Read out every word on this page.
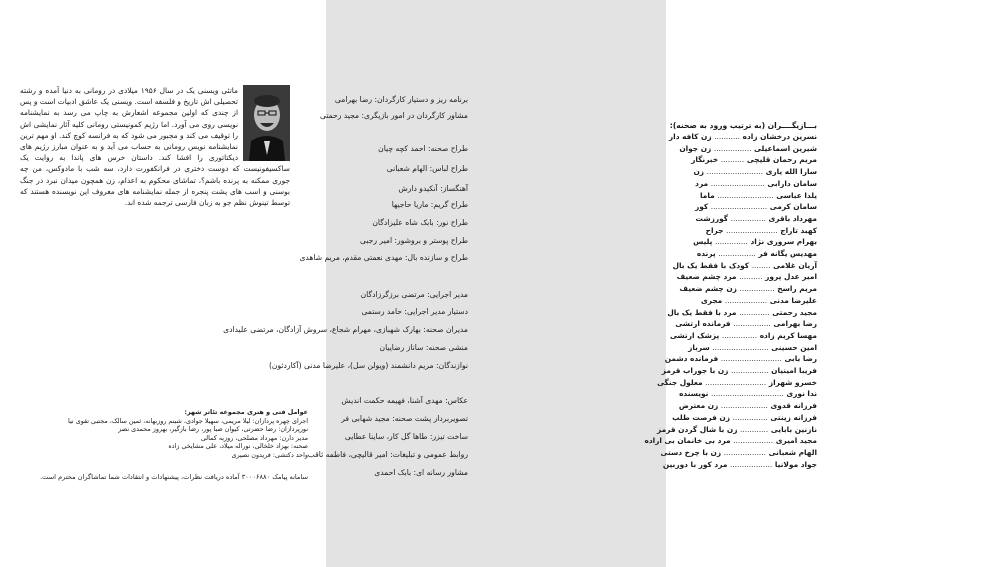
ماتئی ویسنی یک در سال ۱۹۵۶ میلادی در رومانی به دنیا آمده و رشته تحصیلی اش تاریخ و فلسفه است. ویسنی یک عاشق ادبیات است و پس از چندی که اولین مجموعه اشعارش به چاپ می رسد به نمایشنامه نویسی روی می آورد. اما رژیم کمونیستی رومانی کلیه آثار نمایشی اش را توقیف می کند و مجبور می شود که به فرانسه کوچ کند. او مهم ترین نمایشنامه نویس رومانی به حساب می آید و به عنوان مبارز رژیم های دیکتاتوری را افشا کند. داستان خرس های پاندا به روایت یک ساکسیفونیست که دوست دختری در فرانکفورت دارد، سه شب با مادوکس، من چه جوری ممکنه به پرنده باشم؟، تماشای محکوم به اعدام، زن همچون میدان نبرد در جنگ بوسنی و اسب های پشت پنجره از جمله نمایشنامه های معروف این نویسنده هستند که توسط تینوش نظم جو به زبان فارسی ترجمه شده اند.
عوامل فنی و هنری مجموعه تئاتر شهر:
اجرای چهره پردازان: لیلا مریمی، سهیلا جوادی، شبنم روزبهانه، ثمین سالک، مجتبی تقوی نیا
نورپردازان: رضا حضرتی، کیوان صبا پور، رضا بازگیر، بهروز محمدی نصر
مدیر دارن: مهرداد مصلحی، روزبه کمالی
صحنه: بهزاد خلخالی، نوراله میلاد، علی مشایخی زاده
واحد دکتشی: فریدون نصیری
سامانه پیامک ۳۰۰۰۶۸۸۰ آماده دریافت نظرات، پیشنهادات و انتقادات شما تماشاگران محترم است.
برنامه ریز و دستیار کارگردان: رضا بهرامی
مشاور کارگردان در امور بازیگری: مجید رحمتی
طراح صحنه: احمد کچه چیان
طراح لباس: الهام شعبانی
آهنگساز: آنکیدو دارش
طراح گریم: ماریا حاجیها
طراح نور: بابک شاه علیزادگان
طراح پوستر و بروشور: امیر رجبی
طراح و سازنده بال: مهدی نعمتی مقدم، مریم شاهدی
مدیر اجرایی: مرتضی برزگرزادگان
دستیار مدیر اجرایی: حامد رستمی
مدیران صحنه: بهارک شهبازی، مهرام شجاع، سروش آزادگان، مرتضی علیدادی
منشی صحنه: ساناز رضاییان
نوازندگان: مریم دانشمند (ویولن سل)، علیرضا مدنی (آکاردئون)
عکاس: مهدی آشنا، فهیمه حکمت اندیش
تصویربردار پشت صحنه: مجید شهابی فر
ساخت تیزر: طاها گل کار، ساینا عطایی
روابط عمومی و تبلیغات: امیر قالیچی، فاطمه ثاقب
مشاور رسانه ای: بابک احمدی
بـــازیگــــران (به ترتیب ورود به صحنه):
نسرین درخشان زاده ........... زن کافه دار
شیرین اسماعیلی ................ زن جوان
مریم رحمان قلیچی .......... خبرنگار
سارا الله یاری ........................ زن
سامان دارابی ....................... مرد
یلدا عباسی ........................ ماما
سامان کرمی ........................ کور
مهرداد باقری ............... گورزشت
کهبد تاراج ...................... جراح
بهرام سروری نژاد .............. پلیس
مهدیس یگانه فر ................ پرنده
آریان غلامی ........ کودک با فقط یک بال
امیر عدل پرور .......... مرد چشم ضعیف
مریم راسخ ............... زن چشم ضعیف
علیرضا مدنی .................. مجری
مجید رحمتی ............. مرد با فقط یک بال
رضا بهرامی ................ فرمانده ارتشی
مهسا کریم زاده ............... پزشک ارتشی
امین حسینی ........................ سرباز
رضا بابی .......................... فرمانده دشمن
فریبا امینیان ................ زن با جوراب قرمز
خسرو شهراز .......................... معلول جنگی
ندا نوری ............................... نویسنده
فرزانه قدوی .................... زن معترض
فرزانه زینتی ............... زن فرصت طلب
نازنین بابایی ............ زن با شال گردن قرمز
مجید امیری ................. مرد بی خانمان بی اراده
الهام شعبانی .................. زن با چرخ دستی
جواد مولانیا .................. مرد کور با دوربین
